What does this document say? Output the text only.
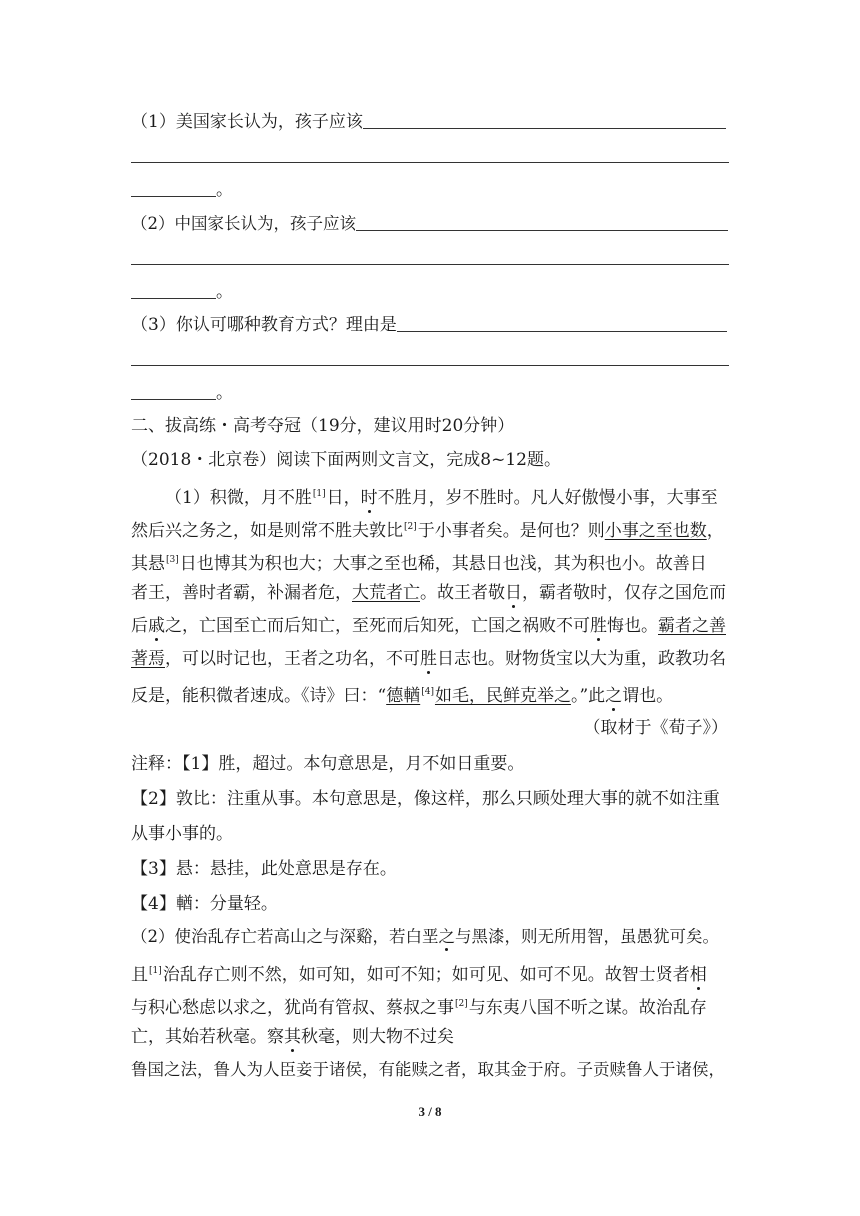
（1）美国家长认为，孩子应该
。
（2）中国家长认为，孩子应该
。
（3）你认可哪种教育方式？理由是
。
二、拔高练・高考夺冠（19分，建议用时20分钟）
（2018・北京卷）阅读下面两则文言文，完成8~12题。
（1）积微，月不胜[1]日，时不胜月，岁不胜时。凡人好傲慢小事，大事至
然后兴之务之，如是则常不胜夫敦比[2]于小事者矣。是何也？则小事之至也数，
其悬[3]日也博其为积也大；大事之至也稀，其悬日也浅，其为积也小。故善日
者王，善时者霸，补漏者危，大荒者亡。故王者敬日，霸者敬时，仅存之国危而
后戚之，亡国至亡而后知亡，至死而后知死，亡国之祸败不可胜悔也。霸者之善
著焉，可以时记也，王者之功名，不可胜日志也。财物货宝以大为重，政教功名
反是，能积微者速成。《诗》曰：“德輶[4]如毛，民鲜克举之。”此之谓也。
（取材于《荀子》）
注释：【1】胜，超过。本句意思是，月不如日重要。
【2】敦比：注重从事。本句意思是，像这样，那么只顾处理大事的就不如注重
从事小事的。
【3】悬：悬挂，此处意思是存在。
【4】輶：分量轻。
（2）使治乱存亡若高山之与深谿，若白垩之与黑漆，则无所用智，虽愚犹可矣。
且[1]治乱存亡则不然，如可知，如可不知；如可见、如可不见。故智士贤者相
与积心愁虑以求之，犹尚有管叔、蔡叔之事[2]与东夷八国不听之谋。故治乱存
亡，其始若秋毫。察其秋毫，则大物不过矣
鲁国之法，鲁人为人臣妾于诸侯，有能赎之者，取其金于府。子贡赎鲁人于诸侯，
3 / 8
